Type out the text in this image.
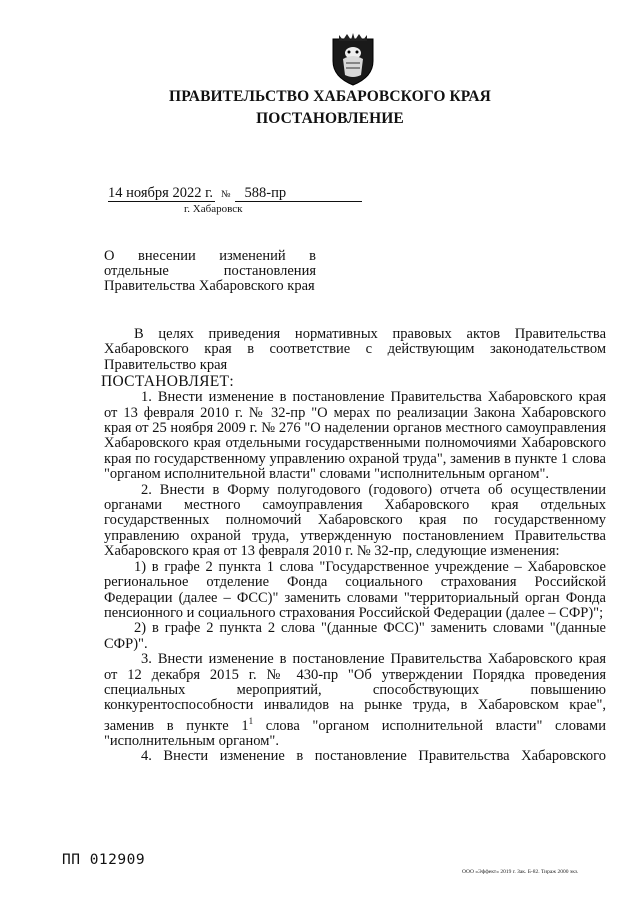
ПРАВИТЕЛЬСТВО ХАБАРОВСКОГО КРАЯ
ПОСТАНОВЛЕНИЕ
14 ноября 2022 г. № 588-пр
г. Хабаровск
О внесении изменений в
отдельные постановления
Правительства Хабаровского края

В целях приведения нормативных правовых актов Правительства Хабаровского края в соответствие с действующим законодательством Правительство края

ПОСТАНОВЛЯЕТ:

1. Внести изменение в постановление Правительства Хабаровского края от 13 февраля 2010 г. № 32-пр "О мерах по реализации Закона Хабаровского края от 25 ноября 2009 г. № 276 "О наделении органов местного самоуправления Хабаровского края отдельными государственными полномочиями Хабаровского края по государственному управлению охраной труда", заменив в пункте 1 слова "органом исполнительной власти" словами "исполнительным органом".

2. Внести в Форму полугодового (годового) отчета об осуществлении органами местного самоуправления Хабаровского края отдельных государственных полномочий Хабаровского края по государственному управлению охраной труда, утвержденную постановлением Правительства Хабаровского края от 13 февраля 2010 г. № 32-пр, следующие изменения:

1) в графе 2 пункта 1 слова "Государственное учреждение – Хабаровское региональное отделение Фонда социального страхования Российской Федерации (далее – ФСС)" заменить словами "территориальный орган Фонда пенсионного и социального страхования Российской Федерации (далее – СФР)";

2) в графе 2 пункта 2 слова "(данные ФСС)" заменить словами "(данные СФР)".

3. Внести изменение в постановление Правительства Хабаровского края от 12 декабря 2015 г. № 430-пр "Об утверждении Порядка проведения специальных мероприятий, способствующих повышению конкурентоспособности инвалидов на рынке труда, в Хабаровском крае", заменив в пункте $1^1$ слова "органом исполнительной власти" словами "исполнительным органом".

4. Внести изменение в постановление Правительства Хабаровского

ПП 012909
ООО «Эффект» 2019 г. Зак. Б-82. Тираж 2000 экз.
